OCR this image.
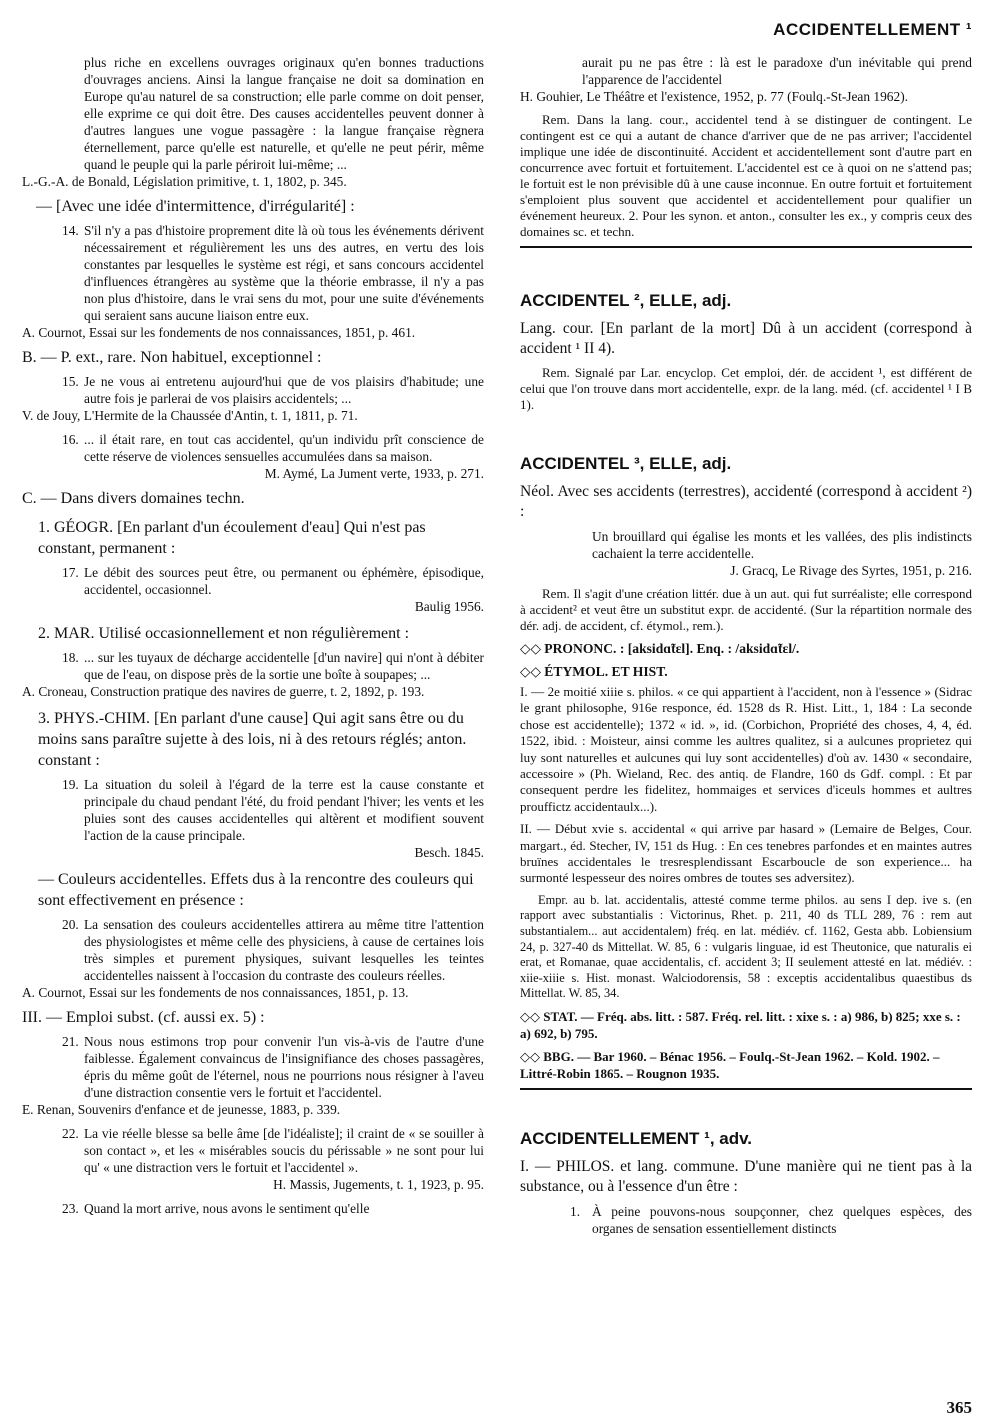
ACCIDENTELLEMENT ¹

plus riche en excellens ouvrages originaux qu'en bonnes traductions d'ouvrages anciens. Ainsi la langue française ne doit sa domination en Europe qu'au naturel de sa construction; elle parle comme on doit penser, elle exprime ce qui doit être. Des causes accidentelles peuvent donner à d'autres langues une vogue passagère : la langue française règnera éternellement, parce qu'elle est naturelle, et qu'elle ne peut périr, même quand le peuple qui la parle périroit lui-même; ...

L.-G.-A. de Bonald, Législation primitive, t. 1, 1802, p. 345.

— [Avec une idée d'intermittence, d'irrégularité] :

14. S'il n'y a pas d'histoire proprement dite là où tous les événements dérivent nécessairement et régulièrement les uns des autres, en vertu des lois constantes par lesquelles le système est régi, et sans concours accidentel d'influences étrangères au système que la théorie embrasse, il n'y a pas non plus d'histoire, dans le vrai sens du mot, pour une suite d'événements qui seraient sans aucune liaison entre eux.

A. Cournot, Essai sur les fondements de nos connaissances, 1851, p. 461.

B. — P. ext., rare. Non habituel, exceptionnel :

15. Je ne vous ai entretenu aujourd'hui que de vos plaisirs d'habitude; une autre fois je parlerai de vos plaisirs accidentels; ...

V. de Jouy, L'Hermite de la Chaussée d'Antin, t. 1, 1811, p. 71.

16. ... il était rare, en tout cas accidentel, qu'un individu prît conscience de cette réserve de violences sensuelles accumulées dans sa maison.

M. Aymé, La Jument verte, 1933, p. 271.

C. — Dans divers domaines techn.
1. GÉOGR. [En parlant d'un écoulement d'eau] Qui n'est pas constant, permanent :

17. Le débit des sources peut être, ou permanent ou éphémère, épisodique, accidentel, occasionnel.

Baulig 1956.

2. MAR. Utilisé occasionnellement et non régulièrement :

18. ... sur les tuyaux de décharge accidentelle [d'un navire] qui n'ont à débiter que de l'eau, on dispose près de la sortie une boîte à soupapes; ...

A. Croneau, Construction pratique des navires de guerre, t. 2, 1892, p. 193.

3. PHYS.-CHIM. [En parlant d'une cause] Qui agit sans être ou du moins sans paraître sujette à des lois, ni à des retours réglés; anton. constant :

19. La situation du soleil à l'égard de la terre est la cause constante et principale du chaud pendant l'été, du froid pendant l'hiver; les vents et les pluies sont des causes accidentelles qui altèrent et modifient souvent l'action de la cause principale.

Besch. 1845.

— Couleurs accidentelles. Effets dus à la rencontre des couleurs qui sont effectivement en présence :

20. La sensation des couleurs accidentelles attirera au même titre l'attention des physiologistes et même celle des physiciens, à cause de certaines lois très simples et purement physiques, suivant lesquelles les teintes accidentelles naissent à l'occasion du contraste des couleurs réelles.

A. Cournot, Essai sur les fondements de nos connaissances, 1851, p. 13.

III. — Emploi subst. (cf. aussi ex. 5) :

21. Nous nous estimons trop pour convenir l'un vis-à-vis de l'autre d'une faiblesse. Également convaincus de l'insignifiance des choses passagères, épris du même goût de l'éternel, nous ne pourrions nous résigner à l'aveu d'une distraction consentie vers le fortuit et l'accidentel.

E. Renan, Souvenirs d'enfance et de jeunesse, 1883, p. 339.

22. La vie réelle blesse sa belle âme [de l'idéaliste]; il craint de « se souiller à son contact », et les « misérables soucis du périssable » ne sont pour lui qu' « une distraction vers le fortuit et l'accidentel ».

H. Massis, Jugements, t. 1, 1923, p. 95.

23. Quand la mort arrive, nous avons le sentiment qu'elle

aurait pu ne pas être : là est le paradoxe d'un inévitable qui prend l'apparence de l'accidentel

H. Gouhier, Le Théâtre et l'existence, 1952, p. 77 (Foulq.-St-Jean 1962).

Rem. Dans la lang. cour., accidentel tend à se distinguer de contingent. Le contingent est ce qui a autant de chance d'arriver que de ne pas arriver; l'accidentel implique une idée de discontinuité. Accident et accidentellement sont d'autre part en concurrence avec fortuit et fortuitement. L'accidentel est ce à quoi on ne s'attend pas; le fortuit est le non prévisible dû à une cause inconnue. En outre fortuit et fortuitement s'emploient plus souvent que accidentel et accidentellement pour qualifier un événement heureux. 2. Pour les synon. et anton., consulter les ex., y compris ceux des domaines sc. et techn.

ACCIDENTEL ², ELLE, adj.

Lang. cour. [En parlant de la mort] Dû à un accident (correspond à accident ¹ II 4).

Rem. Signalé par Lar. encyclop. Cet emploi, dér. de accident ¹, est différent de celui que l'on trouve dans mort accidentelle, expr. de la lang. méd. (cf. accidentel ¹ I B 1).

ACCIDENTEL ³, ELLE, adj.

Néol. Avec ses accidents (terrestres), accidenté (correspond à accident ²) :

Un brouillard qui égalise les monts et les vallées, des plis indistincts cachaient la terre accidentelle.

J. Gracq, Le Rivage des Syrtes, 1951, p. 216.

Rem. Il s'agit d'une création littér. due à un aut. qui fut surréaliste; elle correspond à accident² et veut être un substitut expr. de accidenté. (Sur la répartition normale des dér. adj. de accident, cf. étymol., rem.).

◇◇ PRONONC. : [aksidɑ̃tɛl]. Enq. : /aksidɑ̃tɛl/.

◇◇ ÉTYMOL. ET HIST.

I. — 2e moitié xiiie s. philos. « ce qui appartient à l'accident, non à l'essence » (Sidrac le grant philosophe, 916e responce, éd. 1528 ds R. Hist. Litt., 1, 184 : La seconde chose est accidentelle); 1372 « id. », id. (Corbichon, Propriété des choses, 4, 4, éd. 1522, ibid. : Moisteur, ainsi comme les aultres qualitez, si a aulcunes proprietez qui luy sont naturelles et aulcunes qui luy sont accidentelles) d'où av. 1430 « secondaire, accessoire » (Ph. Wieland, Rec. des antiq. de Flandre, 160 ds Gdf. compl. : Et par consequent perdre les fidelitez, hommaiges et services d'iceuls hommes et aultres prouffictz accidentaulx...).

II. — Début xvie s. accidental « qui arrive par hasard » (Lemaire de Belges, Cour. margart., éd. Stecher, IV, 151 ds Hug. : En ces tenebres parfondes et en maintes autres bruïnes accidentales le tresresplendissant Escarboucle de son experience... ha surmonté lespesseur des noires ombres de toutes ses adversitez).

Empr. au b. lat. accidentalis, attesté comme terme philos. au sens I dep. ive s. (en rapport avec substantialis : Victorinus, Rhet. p. 211, 40 ds TLL 289, 76 : rem aut substantialem... aut accidentalem) fréq. en lat. médiév. cf. 1162, Gesta abb. Lobiensium 24, p. 327-40 ds Mittellat. W. 85, 6 : vulgaris linguae, id est Theutonice, que naturalis ei erat, et Romanae, quae accidentalis, cf. accident 3; II seulement attesté en lat. médiév. : xiie-xiiie s. Hist. monast. Walciodorensis, 58 : exceptis accidentalibus quaestibus ds Mittellat. W. 85, 34.

◇◇ STAT. — Fréq. abs. litt. : 587. Fréq. rel. litt. : xixe s. : a) 986, b) 825; xxe s. : a) 692, b) 795.

◇◇ BBG. — Bar 1960. – Bénac 1956. – Foulq.-St-Jean 1962. – Kold. 1902. – Littré-Robin 1865. – Rougnon 1935.

ACCIDENTELLEMENT ¹, adv.

I. — PHILOS. et lang. commune. D'une manière qui ne tient pas à la substance, ou à l'essence d'un être :

1. À peine pouvons-nous soupçonner, chez quelques espèces, des organes de sensation essentiellement distincts

365
